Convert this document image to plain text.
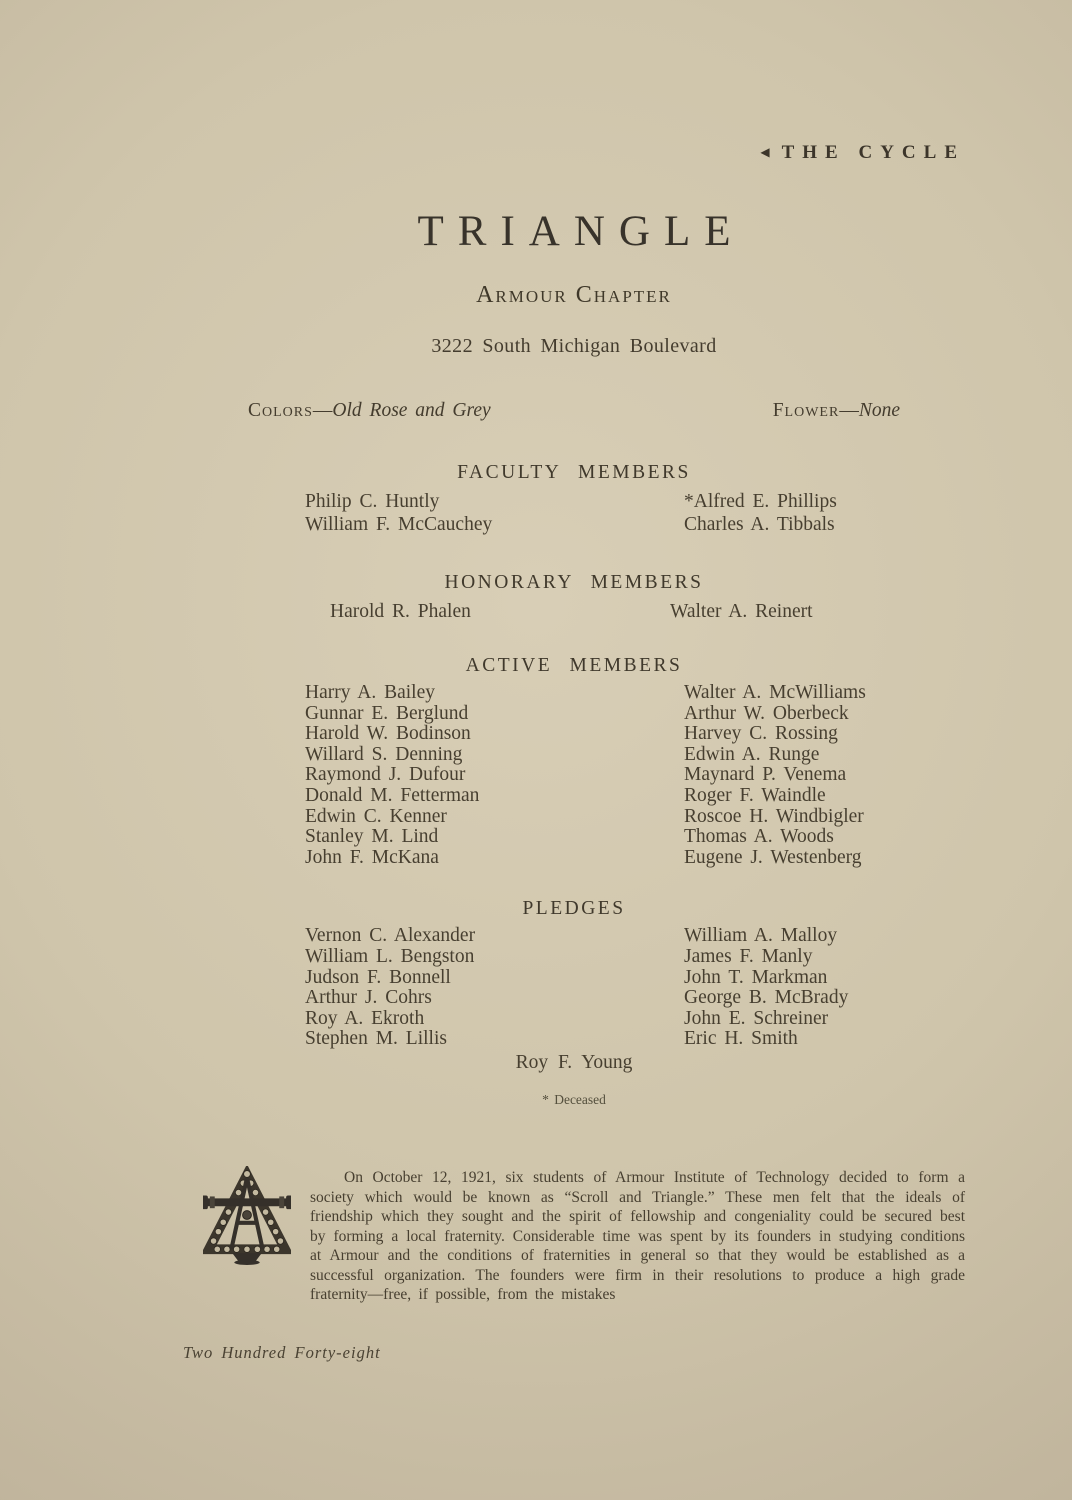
◀ THE CYCLE
TRIANGLE
Armour Chapter
3222 South Michigan Boulevard
Colors—Old Rose and Grey	Flower—None
FACULTY MEMBERS
Philip C. Huntly
William F. McCauchey
*Alfred E. Phillips
Charles A. Tibbals
HONORARY MEMBERS
Harold R. Phalen	Walter A. Reinert
ACTIVE MEMBERS
Harry A. Bailey
Gunnar E. Berglund
Harold W. Bodinson
Willard S. Denning
Raymond J. Dufour
Donald M. Fetterman
Edwin C. Kenner
Stanley M. Lind
John F. McKana
Walter A. McWilliams
Arthur W. Oberbeck
Harvey C. Rossing
Edwin A. Runge
Maynard P. Venema
Roger F. Waindle
Roscoe H. Windbigler
Thomas A. Woods
Eugene J. Westenberg
PLEDGES
Vernon C. Alexander
William L. Bengston
Judson F. Bonnell
Arthur J. Cohrs
Roy A. Ekroth
Stephen M. Lillis
William A. Malloy
James F. Manly
John T. Markman
George B. McBrady
John E. Schreiner
Eric H. Smith
Roy F. Young
* Deceased

On October 12, 1921, six students of Armour Institute of Technology decided to form a society which would be known as “Scroll and Triangle.” These men felt that the ideals of friendship which they sought and the spirit of fellowship and congeniality could be secured best by forming a local fraternity. Considerable time was spent by its founders in studying conditions at Armour and the conditions of fraternities in general so that they would be established as a successful organization. The founders were firm in their resolutions to produce a high grade fraternity—free, if possible, from the mistakes

Two Hundred Forty-eight
